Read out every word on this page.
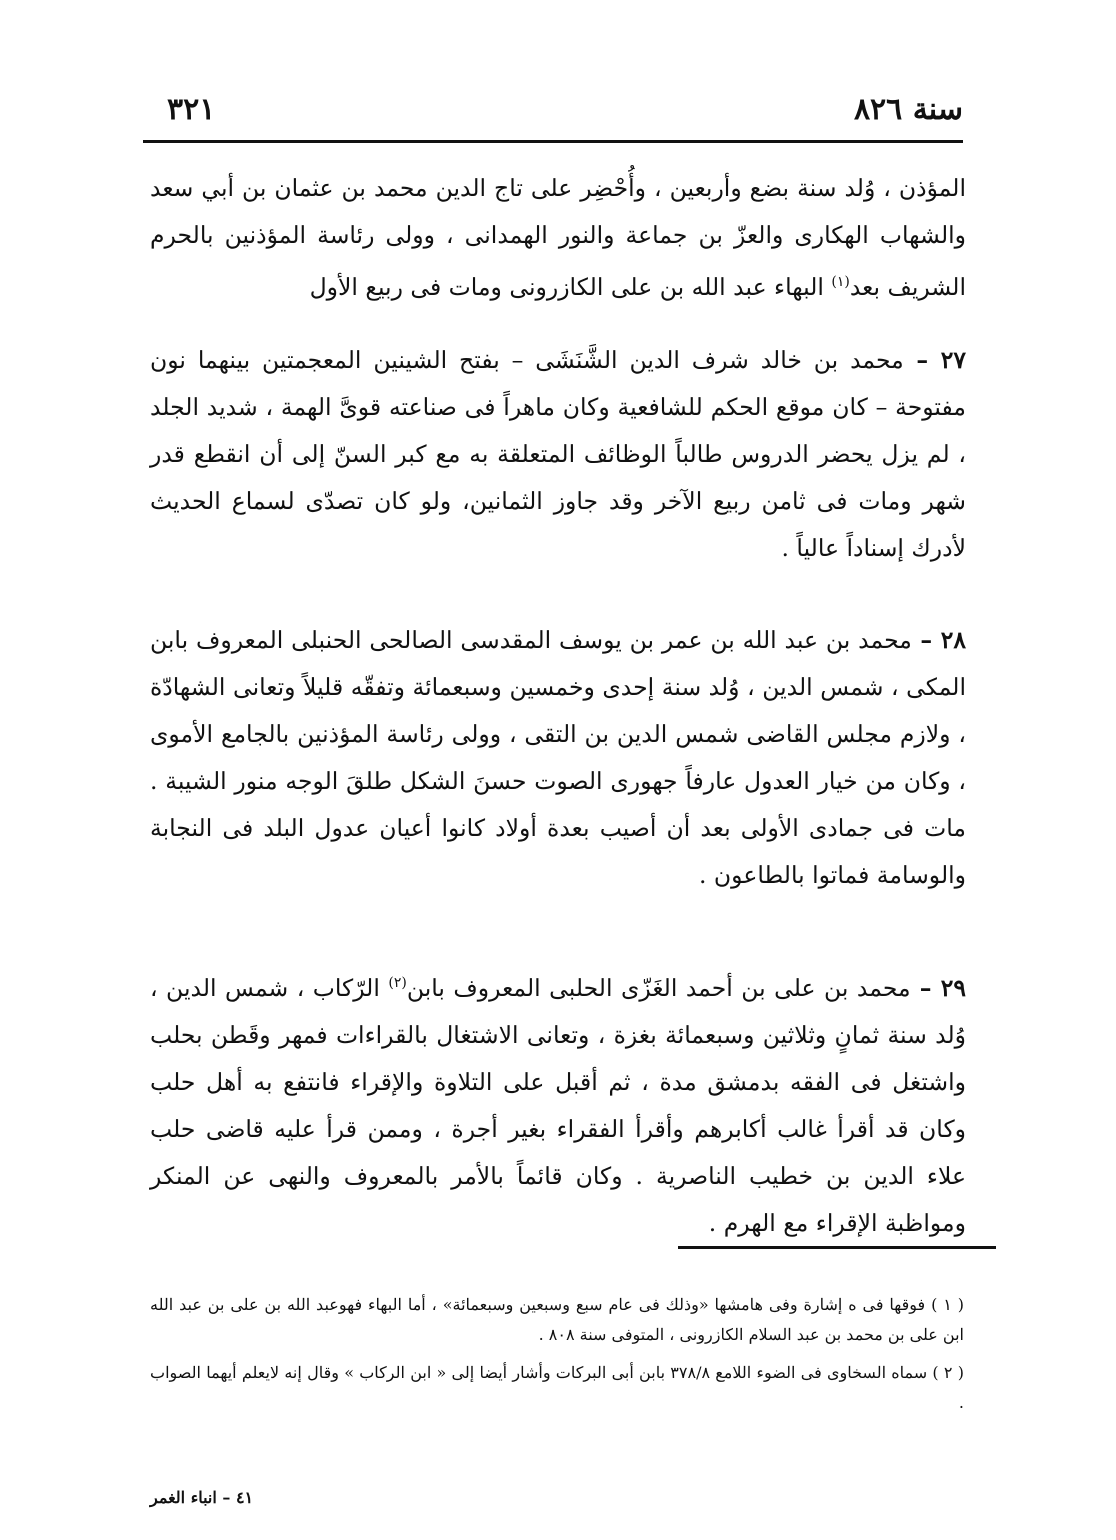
سنة ٨٢٦
٣٢١
المؤذن ، وُلد سنة بضع وأربعين ، وأُحْضِر على تاج الدين محمد بن عثمان بن أبي سعد والشهاب الهكارى والعزّ بن جماعة والنور الهمدانى ، وولى رئاسة المؤذنين بالحرم الشريف بعد$^{(١)}$ البهاء عبد الله بن على الكازرونى ومات فى ربيع الأول
٢٧ – محمد بن خالد شرف الدين الشَّنَشَى – بفتح الشينين المعجمتين بينهما نون مفتوحة – كان موقع الحكم للشافعية وكان ماهراً فى صناعته قوىَّ الهمة ، شديد الجلد ، لم يزل يحضر الدروس طالباً الوظائف المتعلقة به مع كبر السنّ إلى أن انقطع قدر شهر ومات فى ثامن ربيع الآخر وقد جاوز الثمانين، ولو كان تصدّى لسماع الحديث لأدرك إسناداً عالياً .
٢٨ – محمد بن عبد الله بن عمر بن يوسف المقدسى الصالحى الحنبلى المعروف بابن المكى ، شمس الدين ، وُلد سنة إحدى وخمسين وسبعمائة وتفقّه قليلاً وتعانى الشهادّة ، ولازم مجلس القاضى شمس الدين بن التقى ، وولى رئاسة المؤذنين بالجامع الأموى ، وكان من خيار العدول عارفاً جهورى الصوت حسنَ الشكل طلقَ الوجه منور الشيبة . مات فى جمادى الأولى بعد أن أصيب بعدة أولاد كانوا أعيان عدول البلد فى النجابة والوسامة فماتوا بالطاعون .
٢٩ – محمد بن على بن أحمد الغَزّى الحلبى المعروف بابن$^{(٢)}$ الرّكاب ، شمس الدين ، وُلد سنة ثمانٍ وثلاثين وسبعمائة بغزة ، وتعانى الاشتغال بالقراءات فمهر وقَطن بحلب واشتغل فى الفقه بدمشق مدة ، ثم أقبل على التلاوة والإقراء فانتفع به أهل حلب وكان قد أقرأ غالب أكابرهم وأقرأ الفقراء بغير أجرة ، وممن قرأ عليه قاضى حلب علاء الدين بن خطيب الناصرية . وكان قائماً بالأمر بالمعروف والنهى عن المنكر ومواظبة الإقراء مع الهرم .
( ١ ) فوقها فى ه إشارة وفى هامشها «وذلك فى عام سبع وسبعين وسبعمائة» ، أما البهاء فهوعبد الله بن على بن عبد الله ابن على بن محمد بن عبد السلام الكازرونى ، المتوفى سنة ٨٠٨ .
( ٢ ) سماه السخاوى فى الضوء اللامع ٣٧٨/٨ بابن أبى البركات وأشار أيضا إلى « ابن الركاب » وقال إنه لايعلم أيهما الصواب .
٤١ – انباء الغمر
